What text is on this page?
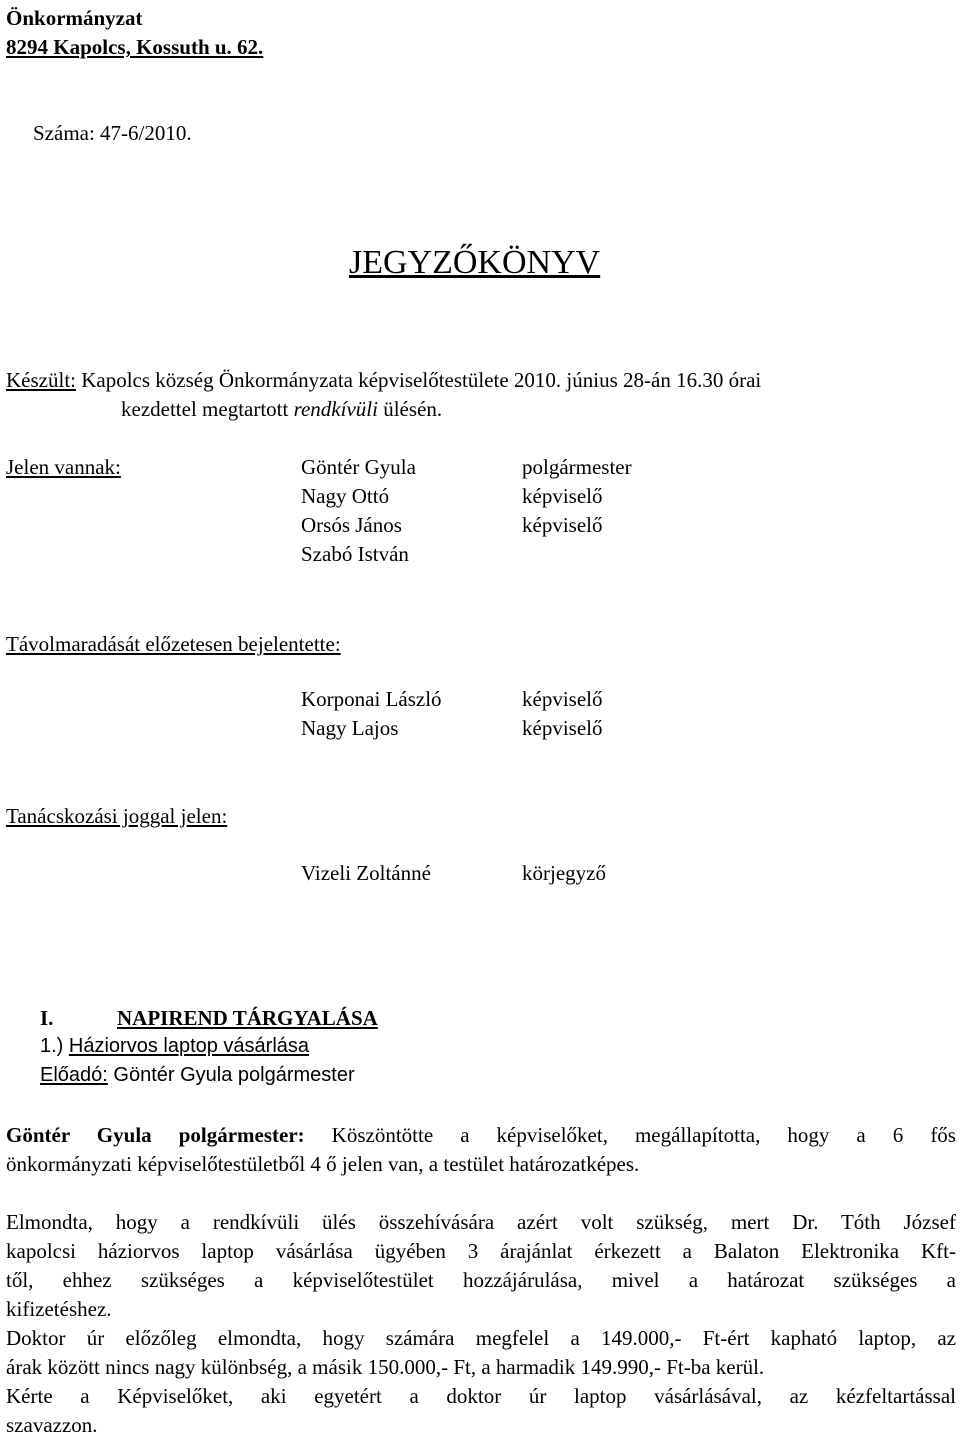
Önkormányzat
8294 Kapolcs, Kossuth u. 62.
Száma: 47-6/2010.
JEGYZŐKÖNYV
Készült: Kapolcs község Önkormányzata képviselőtestülete 2010. június 28-án 16.30 órai
kezdettel megtartott rendkívüli ülésén.
Jelen vannak:	Göntér Gyula	polgármester
Nagy Ottó	képviselő
Orsós János	képviselő
Szabó István
Távolmaradását előzetesen bejelentette:
Korponai László	képviselő
Nagy Lajos	képviselő
Tanácskozási joggal jelen:
Vizeli Zoltánné	körjegyző
I.	NAPIREND TÁRGYALÁSA
1.) Háziorvos laptop vásárlása
Előadó: Göntér Gyula polgármester
Göntér Gyula polgármester: Köszöntötte a képviselőket, megállapította, hogy a 6 fős
önkormányzati képviselőtestületből 4 ő jelen van, a testület határozatképes.
Elmondta, hogy a rendkívüli ülés összehívására azért volt szükség, mert Dr. Tóth József
kapolcsi háziorvos laptop vásárlása ügyében 3 árajánlat érkezett a Balaton Elektronika Kft-
től, ehhez szükséges a képviselőtestület hozzájárulása, mivel a határozat szükséges a
kifizetéshez.
Doktor úr előzőleg elmondta, hogy számára megfelel a 149.000,- Ft-ért kapható laptop, az
árak között nincs nagy különbség, a másik 150.000,- Ft, a harmadik 149.990,- Ft-ba kerül.
Kérte a Képviselőket, aki egyetért a doktor úr laptop vásárlásával, az kézfeltartással
szavazzon.
